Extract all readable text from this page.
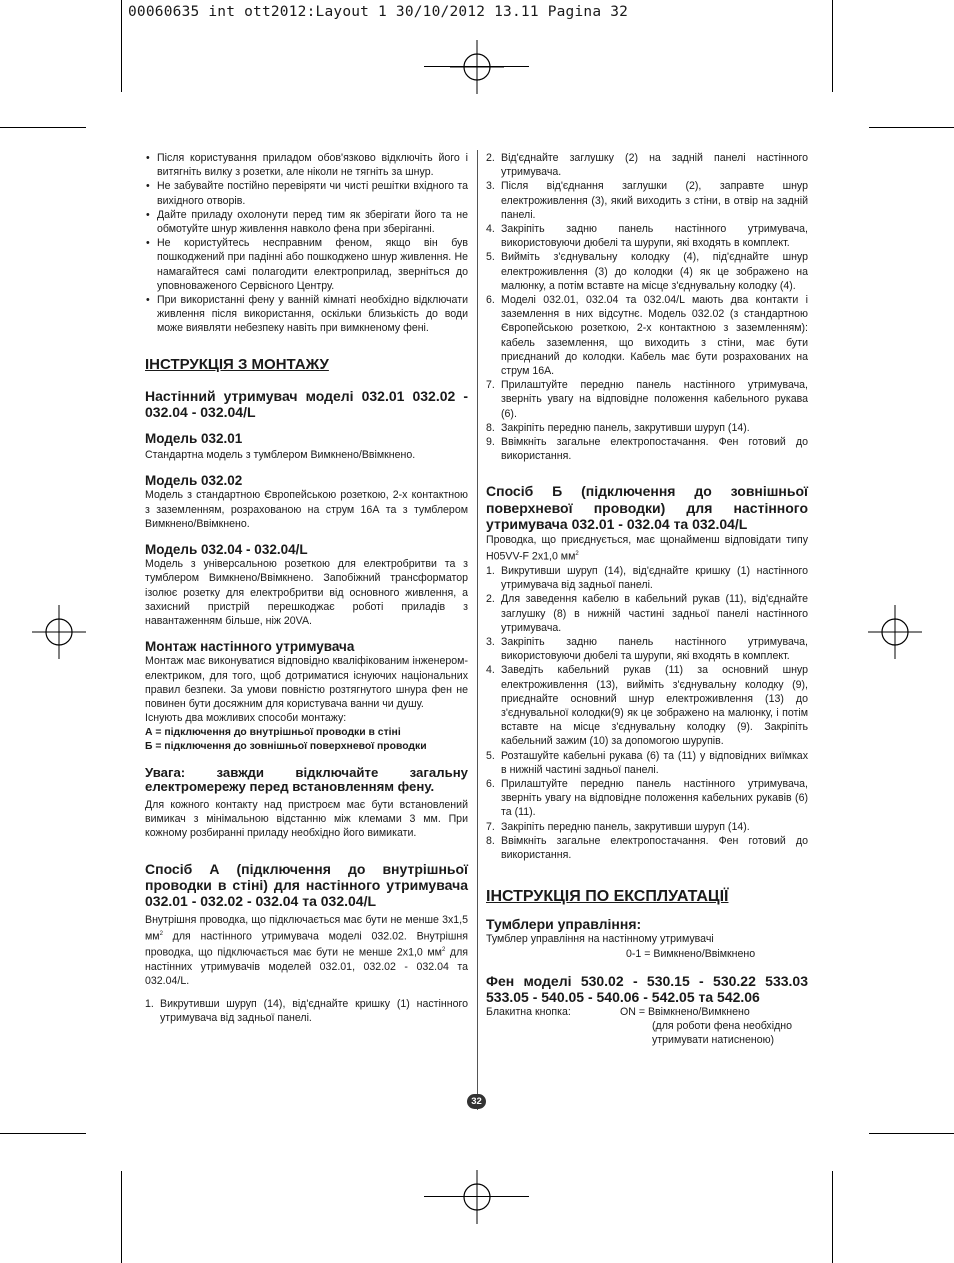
00060635 int ott2012:Layout 1 30/10/2012 13.11 Pagina 32

• Після користування приладом обов'язково відключіть його і витягніть вилку з розетки, але ніколи не тягніть за шнур.

• Не забувайте постійно перевіряти чи чисті решітки вхідного та вихідного отворів.

• Дайте приладу охолонути перед тим як зберігати його та не обмотуйте шнур живлення навколо фена при зберіганні.

• Не користуйтесь несправним феном, якщо він був пошкоджений при падінні або пошкоджено шнур живлення. Не намагайтеся самі полагодити електроприлад, зверніться до уповноваженого Сервісного Центру.

• При використанні фену у ванній кімнаті необхідно відключати живлення після використання, оскільки близькість до води може виявляти небезпеку навіть при вимкненому фені.

ІНСТРУКЦІЯ З МОНТАЖУ

Настінний утримувач моделі 032.01 032.02 - 032.04 - 032.04/L

Модель 032.01

Стандартна модель з тумблером Вимкнено/Ввімкнено.

Модель 032.02

Модель з стандартною Європейською розеткою, 2-х контактною з заземленням, розрахованою на струм 16А та з тумблером Вимкнено/Ввімкнено.

Модель 032.04 - 032.04/L

Модель з універсальною розеткою для електробритви та з тумблером Вимкнено/Ввімкнено. Запобіжний трансформатор ізолює розетку для електробритви від основного живлення, а захисний пристрій перешкоджає роботі приладів з навантаженням більше, ніж 20VA.

Монтаж настінного утримувача

Монтаж має виконуватися відповідно кваліфікованим інженером-електриком, для того, щоб дотриматися існуючих національних правил безпеки. За умови повністю розтягнутого шнура фен не повинен бути досяжним для користувача ванни чи душу.

Існують два можливих способи монтажу:

А = підключення до внутрішньої проводки в стіні

Б = підключення до зовнішньої поверхневої проводки

Увага: завжди відключайте загальну електромережу перед встановленням фену.

Для кожного контакту над пристроєм має бути встановлений вимикач з мінімальною відстанню між клемами 3 мм. При кожному розбиранні приладу необхідно його вимикати.

Спосіб А (підключення до внутрішньої проводки в стіні) для настінного утримувача 032.01 - 032.02 - 032.04 та 032.04/L

Внутрішня проводка, що підключається має бути не менше 3х1,5 $мм^2$ для настінного утримувача моделі 032.02. Внутрішня проводка, що підключається має бути не менше 2х1,0 $мм^2$ для настінних утримувачів моделей 032.01, 032.02 - 032.04 та 032.04/L.

1. Викрутивши шуруп (14), від'єднайте кришку (1) настінного утримувача від задньої панелі.

2. Від'єднайте заглушку (2) на задній панелі настінного утримувача.

3. Після від'єднання заглушки (2), заправте шнур електроживлення (3), який виходить з стіни, в отвір на задній панелі.

4. Закріпіть задню панель настінного утримувача, використовуючи дюбелі та шурупи, які входять в комплект.

5. Вийміть з'єднувальну колодку (4), під'єднайте шнур електроживлення (3) до колодки (4) як це зображено на малюнку, а потім вставте на місце з'єднувальну колодку (4).

6. Моделі 032.01, 032.04 та 032.04/L мають два контакти і заземлення в них відсутнє. Модель 032.02 (з стандартною Європейською розеткою, 2-х контактною з заземленням): кабель заземлення, що виходить з стіни, має бути приєднаний до колодки. Кабель має бути розрахованих на струм 16А.

7. Прилаштуйте передню панель настінного утримувача, зверніть увагу на відповідне положення кабельного рукава (6).

8. Закріпіть передню панель, закрутивши шуруп (14).

9. Ввімкніть загальне електропостачання. Фен готовий до використання.

Спосіб Б (підключення до зовнішньої поверхневої проводки) для настінного утримувача 032.01 - 032.04 та 032.04/L

Проводка, що приєднується, має щонайменш відповідати типу H05VV-F 2x1,0 $мм^2$

1. Викрутивши шуруп (14), від'єднайте кришку (1) настінного утримувача від задньої панелі.

2. Для заведення кабелю в кабельний рукав (11), від'єднайте заглушку (8) в нижній частині задньої панелі настінного утримувача.

3. Закріпіть задню панель настінного утримувача, використовуючи дюбелі та шурупи, які входять в комплект.

4. Заведіть кабельний рукав (11) за основний шнур електроживлення (13), вийміть з'єднувальну колодку (9), приєднайте основний шнур електроживлення (13) до з'єднувальної колодки(9) як це зображено на малюнку, і потім вставте на місце з'єднувальну колодку (9). Закріпіть кабельний зажим (10) за допомогою шурупів.

5. Розташуйте кабельні рукава (6) та (11) у відповідних виїмках в нижній частині задньої панелі.

6. Прилаштуйте передню панель настінного утримувача, зверніть увагу на відповідне положення кабельних рукавів (6) та (11).

7. Закріпіть передню панель, закрутивши шуруп (14).

8. Ввімкніть загальне електропостачання. Фен готовий до використання.

ІНСТРУКЦІЯ ПО ЕКСПЛУАТАЦІЇ

Тумблери управління:

Тумблер управління на настінному утримувачі

0-1 = Вимкнено/Ввімкнено

Фен моделі 530.02 - 530.15 - 530.22 533.03 533.05 - 540.05 - 540.06 - 542.05 та 542.06

Блакитна кнопка:	ON = Ввімкнено/Вимкнено

(для роботи фена необхідно утримувати натисненою)

32
